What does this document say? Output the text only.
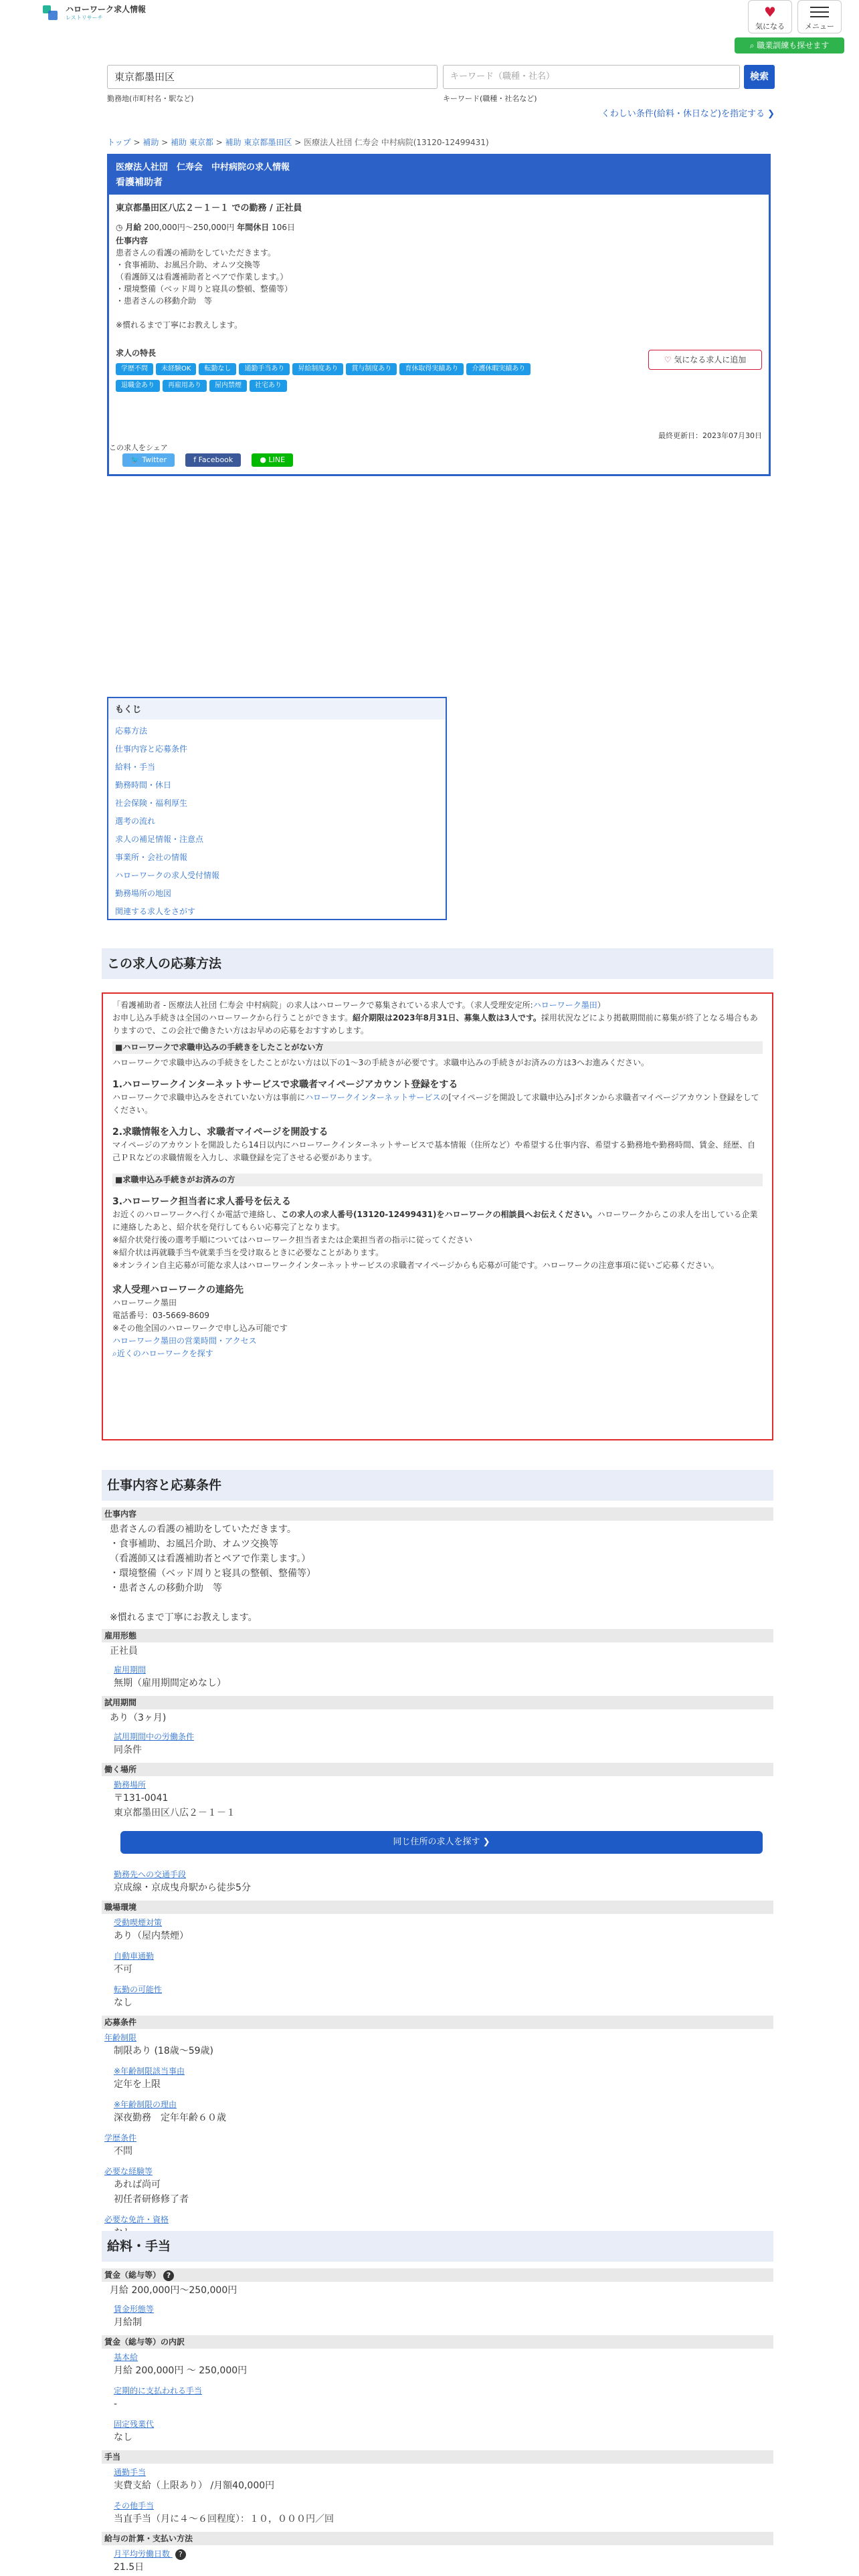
ハローワーク求人情報
レストリサーチ	♥
気になる	メニュー
⌕ 職業訓練も探せます
東京都墨田区	キーワード（職種・社名）	検索
勤務地(市町村名・駅など)	キーワード(職種・社名など)
くわしい条件(給料・休日など)を指定する ❯
トップ > 補助 > 補助 東京都 > 補助 東京都墨田区 > 医療法人社団 仁寿会 中村病院(13120-12499431)
医療法人社団　仁寿会　中村病院の求人情報
看護補助者
東京都墨田区八広２－１－１ での勤務 / 正社員
◷ 月給 200,000円〜250,000円 年間休日 106日
仕事内容
患者さんの看護の補助をしていただきます。
・食事補助、お風呂介助、オムツ交換等
（看護師又は看護補助者とペアで作業します。）
・環境整備（ベッド周りと寝具の整頓、整備等）
・患者さんの移動介助　等
※慣れるまで丁寧にお教えします。
求人の特長
学歴不問 未経験OK 転勤なし 通勤手当あり 昇給制度あり 賞与制度あり 育休取得実績あり 介護休暇実績あり
退職金あり 再雇用あり 屋内禁煙 社宅あり
♡ 気になる求人に追加
最終更新日：2023年07月30日
この求人をシェア
🐦 Twitter	f Facebook	● LINE
もくじ
応募方法
仕事内容と応募条件
給料・手当
勤務時間・休日
社会保険・福利厚生
選考の流れ
求人の補足情報・注意点
事業所・会社の情報
ハローワークの求人受付情報
勤務場所の地図
関連する求人をさがす
この求人の応募方法

「看護補助者 - 医療法人社団 仁寿会 中村病院」の求人はハローワークで募集されている求人です。（求人受理安定所:ハローワーク墨田）

お申し込み手続きは全国のハローワークから行うことができます。紹介期限は2023年8月31日、募集人数は3人です。採用状況などにより掲載期間前に募集が終了となる場合もありますので、この会社で働きたい方はお早めの応募をおすすめします。

■ハローワークで求職申込みの手続きをしたことがない方

ハローワークで求職申込みの手続きをしたことがない方は以下の1〜3の手続きが必要です。求職申込みの手続きがお済みの方は3へお進みください。

1.ハローワークインターネットサービスで求職者マイページアカウント登録をする

ハローワークで求職申込みをされていない方は事前にハローワークインターネットサービスの[マイページを開設して求職申込み]ボタンから求職者マイページアカウント登録をしてください。

2.求職情報を入力し、求職者マイページを開設する

マイページのアカウントを開設したら14日以内にハローワークインターネットサービスで基本情報（住所など）や希望する仕事内容、希望する勤務地や勤務時間、賃金、経歴、自己ＰＲなどの求職情報を入力し、求職登録を完了させる必要があります。

■求職申込み手続きがお済みの方
3.ハローワーク担当者に求人番号を伝える

お近くのハローワークへ行くか電話で連絡し、この求人の求人番号(13120-12499431)をハローワークの相談員へお伝えください。ハローワークからこの求人を出している企業に連絡したあと、紹介状を発行してもらい応募完了となります。

※紹介状発行後の選考手順についてはハローワーク担当者または企業担当者の指示に従ってください

※紹介状は再就職手当や就業手当を受け取るときに必要なことがあります。

※オンライン自主応募が可能な求人はハローワークインターネットサービスの求職者マイページからも応募が可能です。ハローワークの注意事項に従いご応募ください。

求人受理ハローワークの連絡先

ハローワーク墨田

電話番号：03-5669-8609

※その他全国のハローワークで申し込み可能です

ハローワーク墨田の営業時間・アクセス

⌕近くのハローワークを探す

仕事内容と応募条件
仕事内容
患者さんの看護の補助をしていただきます。
・食事補助、お風呂介助、オムツ交換等
（看護師又は看護補助者とペアで作業します。）
・環境整備（ベッド周りと寝具の整頓、整備等）
・患者さんの移動介助　等
※慣れるまで丁寧にお教えします。
雇用形態
正社員
雇用期間
無期（雇用期間定めなし）
試用期間
あり（3ヶ月)
試用期間中の労働条件
同条件
働く場所
勤務場所
〒131-0041
東京都墨田区八広２－１－１
同じ住所の求人を探す ❯
勤務先への交通手段
京成線・京成曳舟駅から徒歩5分
職場環境
受動喫煙対策
あり（屋内禁煙）
自動車通勤
不可
転勤の可能性
なし
応募条件
年齢制限
制限あり (18歳〜59歳)
※年齢制限該当事由
定年を上限
※年齢制限の理由
深夜勤務　定年年齢６０歳
学歴条件
不問
必要な経験等
あれば尚可
初任者研修修了者
必要な免許・資格
給料・手当
賃金（総与等） ?
月給 200,000円〜250,000円
賃金形態等
月給制
賃金（総与等）の内訳
基本給
月給 200,000円 〜 250,000円
定期的に支払われる手当
-
固定残業代
なし
手当
通勤手当
実費支給（上限あり） /月額40,000円
その他手当
当直手当（月に４〜６回程度）：１０，０００円／回
給与の計算・支払い方法
月平均労働日数 ?
21.5日
